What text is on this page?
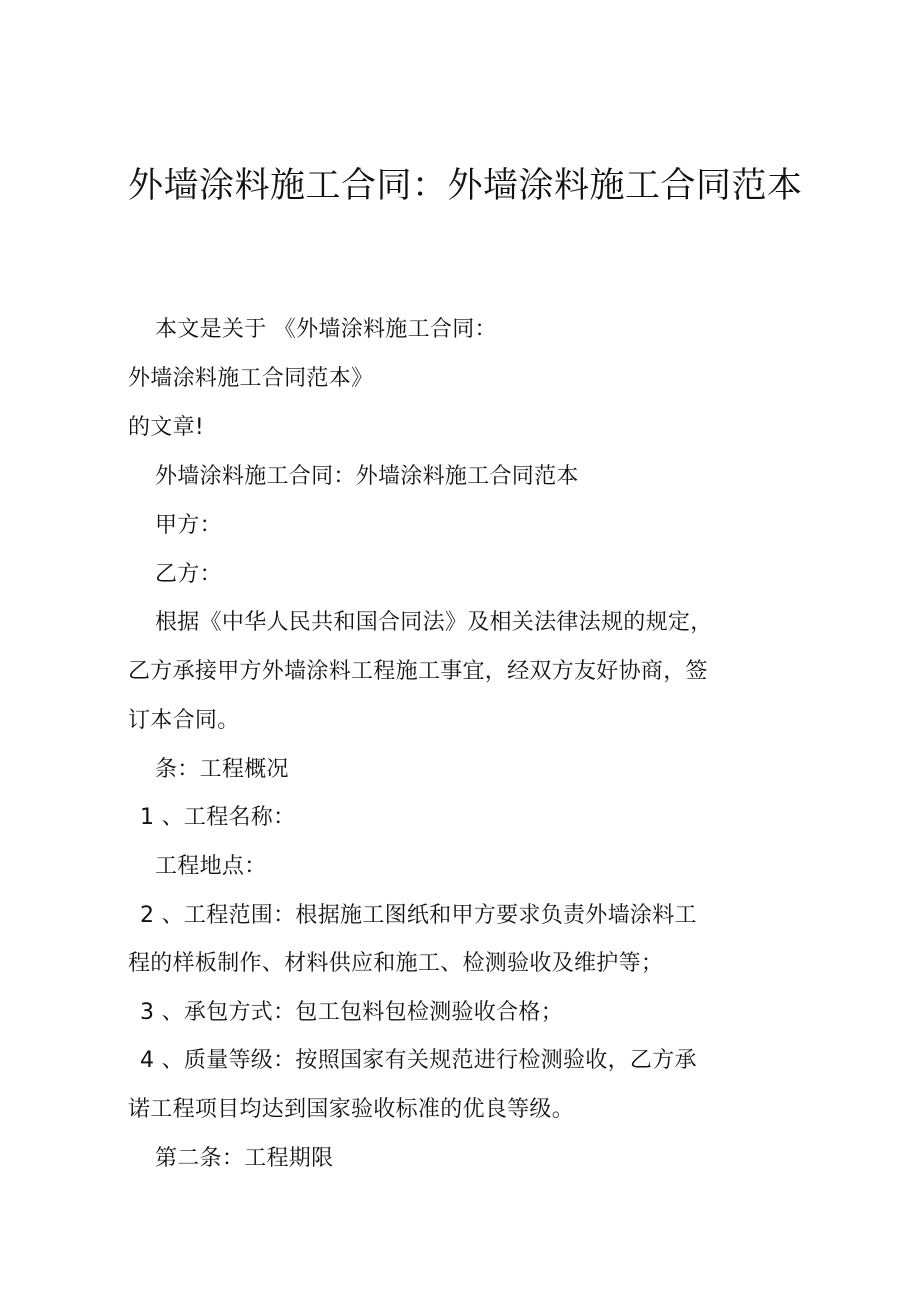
外墙涂料施工合同：外墙涂料施工合同范本

本文是关于 《外墙涂料施工合同：

外墙涂料施工合同范本》

的文章!

外墙涂料施工合同：外墙涂料施工合同范本

甲方：

乙方：

根据《中华人民共和国合同法》及相关法律法规的规定，

乙方承接甲方外墙涂料工程施工事宜，经双方友好协商，签

订本合同。

条：工程概况

1 、工程名称：

工程地点：

2 、工程范围：根据施工图纸和甲方要求负责外墙涂料工

程的样板制作、材料供应和施工、检测验收及维护等；

3 、承包方式：包工包料包检测验收合格；

4 、质量等级：按照国家有关规范进行检测验收，乙方承

诺工程项目均达到国家验收标准的优良等级。

第二条：工程期限
